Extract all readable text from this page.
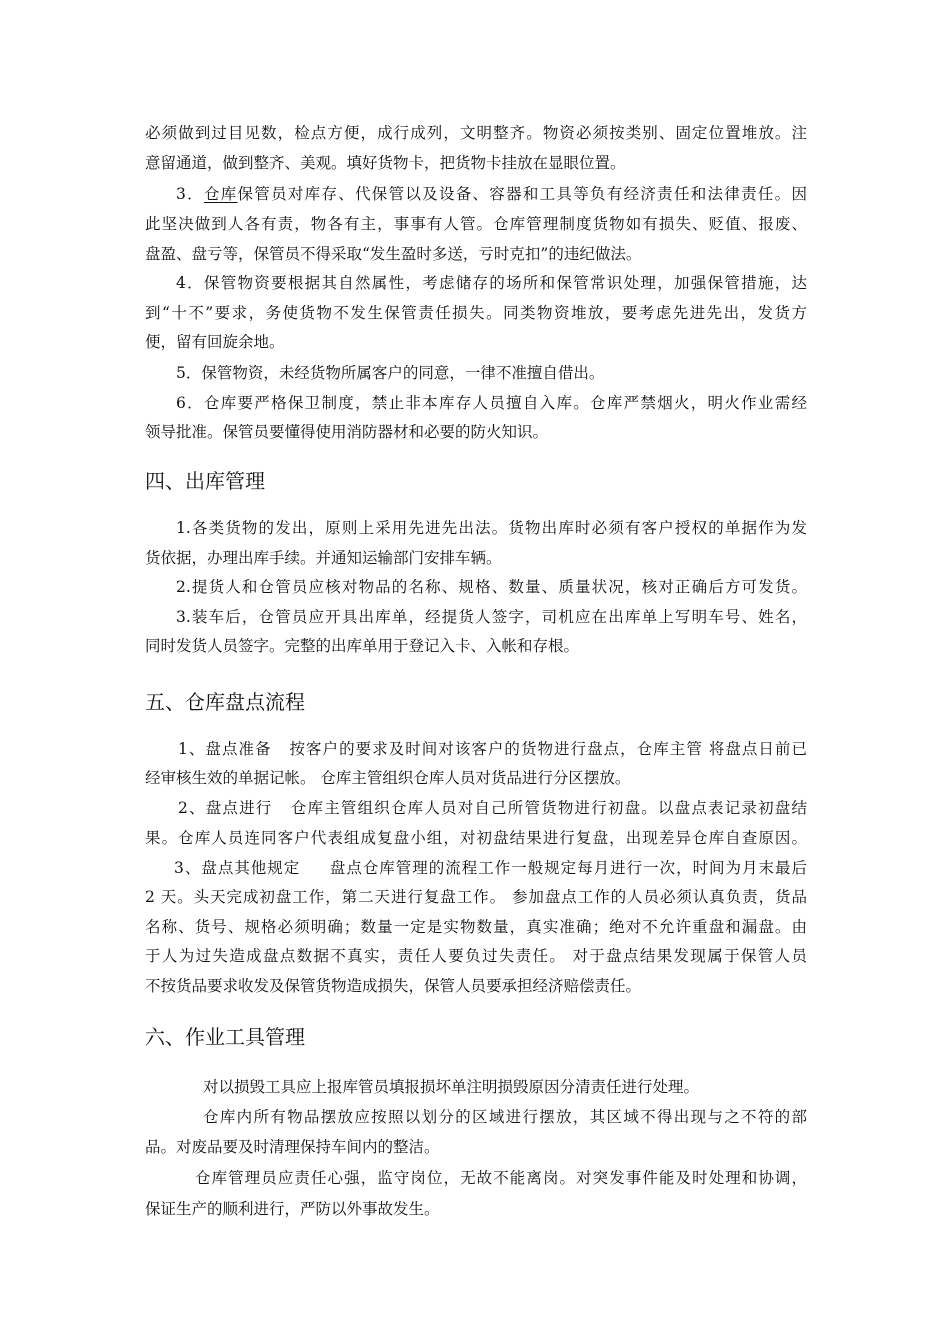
必须做到过目见数，检点方便，成行成列，文明整齐。物资必须按类别、固定位置堆放。注

意留通道，做到整齐、美观。填好货物卡，把货物卡挂放在显眼位置。

3．仓库保管员对库存、代保管以及设备、容器和工具等负有经济责任和法律责任。因

此坚决做到人各有责，物各有主，事事有人管。仓库管理制度货物如有损失、贬值、报废、

盘盈、盘亏等，保管员不得采取“发生盈时多送，亏时克扣”的违纪做法。

4．保管物资要根据其自然属性，考虑储存的场所和保管常识处理，加强保管措施，达

到“十不”要求，务使货物不发生保管责任损失。同类物资堆放，要考虑先进先出，发货方

便，留有回旋余地。

5．保管物资，未经货物所属客户的同意，一律不准擅自借出。

6．仓库要严格保卫制度，禁止非本库存人员擅自入库。仓库严禁烟火，明火作业需经

领导批准。保管员要懂得使用消防器材和必要的防火知识。

四、出库管理

1.各类货物的发出，原则上采用先进先出法。货物出库时必须有客户授权的单据作为发

货依据，办理出库手续。并通知运输部门安排车辆。

2.提货人和仓管员应核对物品的名称、规格、数量、质量状况，核对正确后方可发货。

3.装车后，仓管员应开具出库单，经提货人签字，司机应在出库单上写明车号、姓名，

同时发货人员签字。完整的出库单用于登记入卡、入帐和存根。

五、仓库盘点流程

1、盘点准备   按客户的要求及时间对该客户的货物进行盘点，仓库主管 将盘点日前已

经审核生效的单据记帐。 仓库主管组织仓库人员对货品进行分区摆放。

2、盘点进行   仓库主管组织仓库人员对自己所管货物进行初盘。以盘点表记录初盘结

果。仓库人员连同客户代表组成复盘小组，对初盘结果进行复盘，出现差异仓库自查原因。

3、盘点其他规定     盘点仓库管理的流程工作一般规定每月进行一次，时间为月末最后

2 天。头天完成初盘工作，第二天进行复盘工作。 参加盘点工作的人员必须认真负责，货品

名称、货号、规格必须明确；数量一定是实物数量，真实准确；绝对不允许重盘和漏盘。由

于人为过失造成盘点数据不真实，责任人要负过失责任。 对于盘点结果发现属于保管人员

不按货品要求收发及保管货物造成损失，保管人员要承担经济赔偿责任。

六、作业工具管理

对以损毁工具应上报库管员填报损坏单注明损毁原因分清责任进行处理。

仓库内所有物品摆放应按照以划分的区域进行摆放，其区域不得出现与之不符的部

品。对废品要及时清理保持车间内的整洁。

仓库管理员应责任心强，监守岗位，无故不能离岗。对突发事件能及时处理和协调，

保证生产的顺利进行，严防以外事故发生。
